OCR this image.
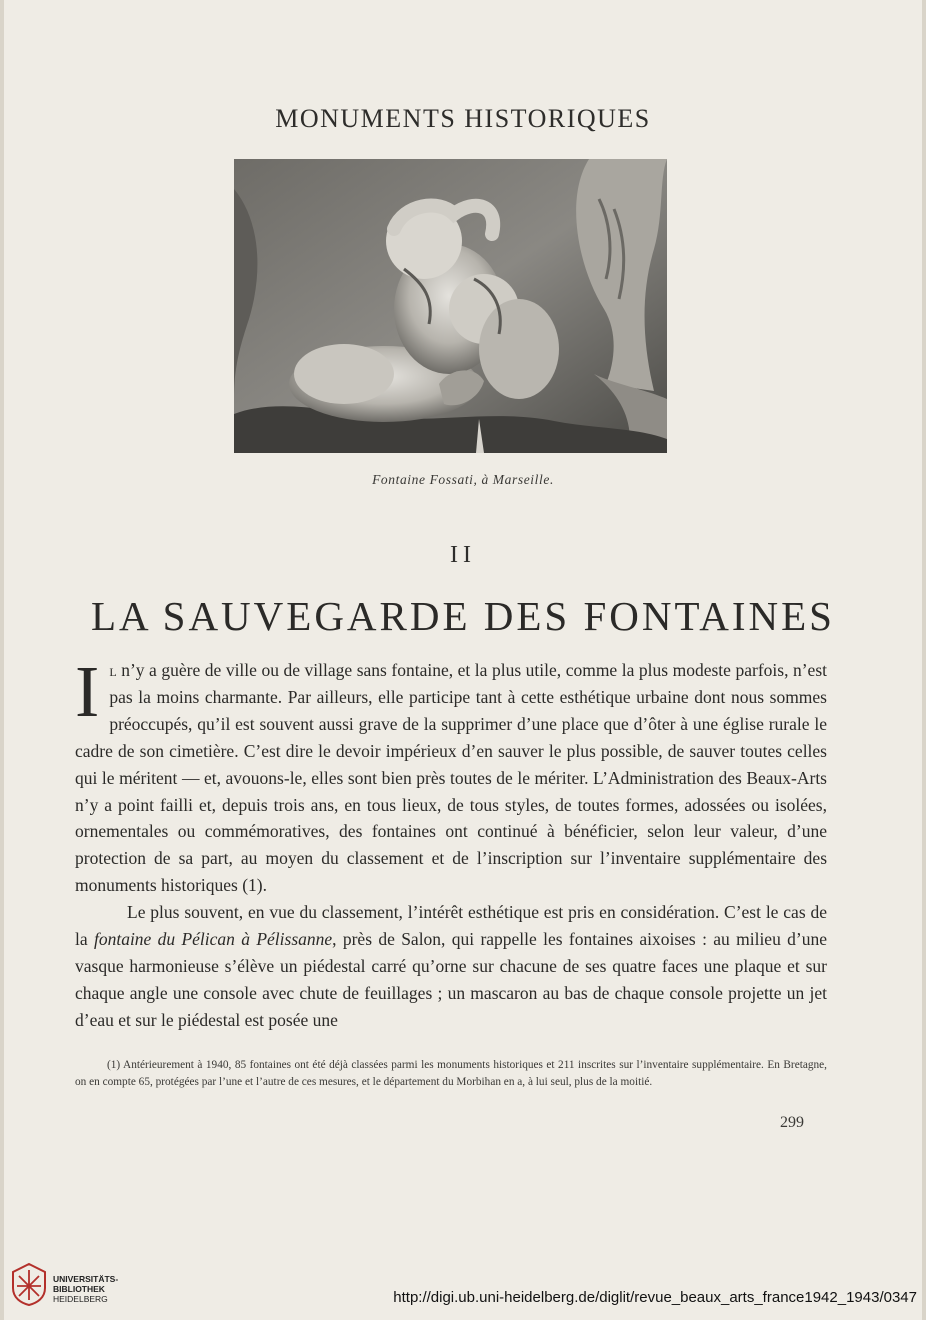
MONUMENTS HISTORIQUES
Fontaine Fossati, à Marseille.
II
LA SAUVEGARDE DES FONTAINES

Il n’y a guère de ville ou de village sans fontaine, et la plus utile, comme la plus modeste parfois, n’est pas la moins charmante. Par ailleurs, elle participe tant à cette esthétique urbaine dont nous sommes préoccupés, qu’il est souvent aussi grave de la supprimer d’une place que d’ôter à une église rurale le cadre de son cimetière. C’est dire le devoir impérieux d’en sauver le plus possible, de sauver toutes celles qui le méritent — et, avouons-le, elles sont bien près toutes de le mériter. L’Administration des Beaux-Arts n’y a point failli et, depuis trois ans, en tous lieux, de tous styles, de toutes formes, adossées ou isolées, ornementales ou commémoratives, des fontaines ont continué à bénéficier, selon leur valeur, d’une protection de sa part, au moyen du classement et de l’inscription sur l’inventaire supplémentaire des monuments historiques (1).

Le plus souvent, en vue du classement, l’intérêt esthétique est pris en considération. C’est le cas de la fontaine du Pélican à Pélissanne, près de Salon, qui rappelle les fontaines aixoises : au milieu d’une vasque harmonieuse s’élève un piédestal carré qu’orne sur chacune de ses quatre faces une plaque et sur chaque angle une console avec chute de feuillages ; un mascaron au bas de chaque console projette un jet d’eau et sur le piédestal est posée une

(1) Antérieurement à 1940, 85 fontaines ont été déjà classées parmi les monuments historiques et 211 inscrites sur l’inventaire supplémentaire. En Bretagne, on en compte 65, protégées par l’une et l’autre de ces mesures, et le département du Morbihan en a, à lui seul, plus de la moitié.

299
UNIVERSITÄTS-
BIBLIOTHEK
HEIDELBERG	http://digi.ub.uni-heidelberg.de/diglit/revue_beaux_arts_france1942_1943/0347
